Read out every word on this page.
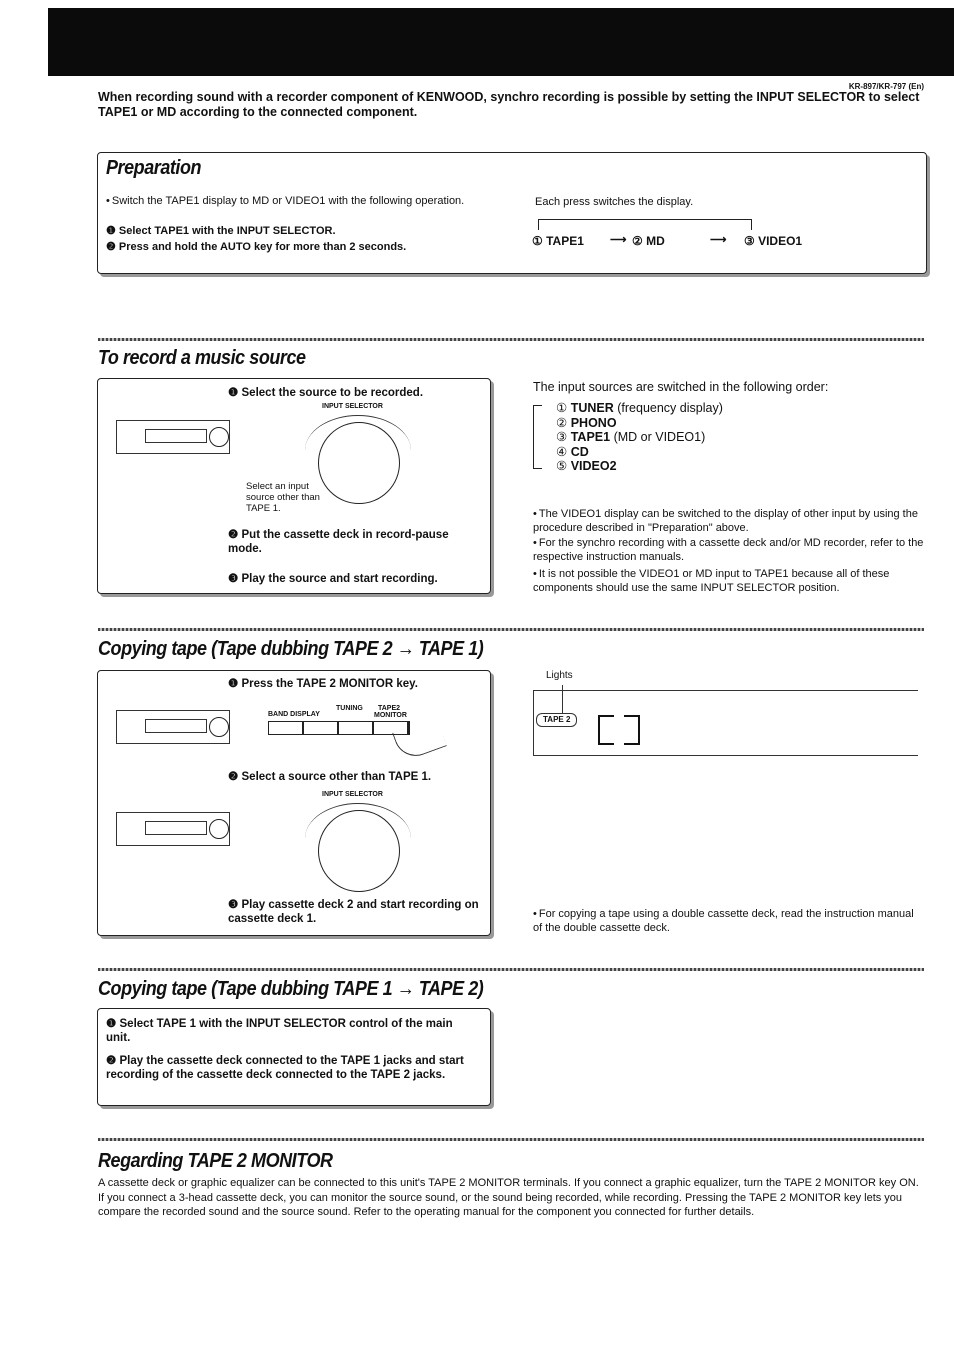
KR-897/KR-797 (En)
When recording sound with a recorder component of KENWOOD, synchro recording is possible by setting the INPUT SELECTOR to select TAPE1 or MD according to the connected component.
Preparation
• Switch the TAPE1 display to MD or VIDEO1 with the following operation.
❶ Select TAPE1 with the INPUT SELECTOR.
❷ Press and hold the AUTO key for more than 2 seconds.
Each press switches the display.
① TAPE1 ⟶ ② MD	⟶ ③ VIDEO1
To record a music source
❶ Select the source to be recorded.
INPUT SELECTOR
Select an input source other than TAPE 1.
❷ Put the cassette deck in record-pause mode.
❸ Play the source and start recording.
The input sources are switched in the following order:
① TUNER (frequency display)
② PHONO
③ TAPE1 (MD or VIDEO1)
④ CD
⑤ VIDEO2
• The VIDEO1 display can be switched to the display of other input by using the procedure described in "Preparation" above.
• For the synchro recording with a cassette deck and/or MD recorder, refer to the respective instruction manuals.
• It is not possible the VIDEO1 or MD input to TAPE1 because all of these components should use the same INPUT SELECTOR position.
Copying tape (Tape dubbing TAPE 2 → TAPE 1)
❶ Press the TAPE 2 MONITOR key.
BAND DISPLAY
TUNING TAPE2
MONITOR
❷ Select a source other than TAPE 1.
INPUT SELECTOR
❸ Play cassette deck 2 and start recording on cassette deck 1.
Lights
TAPE 2
• For copying a tape using a double cassette deck, read the instruction manual of the double cassette deck.
Copying tape (Tape dubbing TAPE 1 → TAPE 2)
❶ Select TAPE 1 with the INPUT SELECTOR control of the main unit.
❷ Play the cassette deck connected to the TAPE 1 jacks and start recording of the cassette deck connected to the TAPE 2 jacks.
Regarding TAPE 2 MONITOR
A cassette deck or graphic equalizer can be connected to this unit's TAPE 2 MONITOR terminals. If you connect a graphic equalizer, turn the TAPE 2 MONITOR key ON. If you connect a 3-head cassette deck, you can monitor the source sound, or the sound being recorded, while recording. Pressing the TAPE 2 MONITOR key lets you compare the recorded sound and the source sound. Refer to the operating manual for the component you connected for further details.
